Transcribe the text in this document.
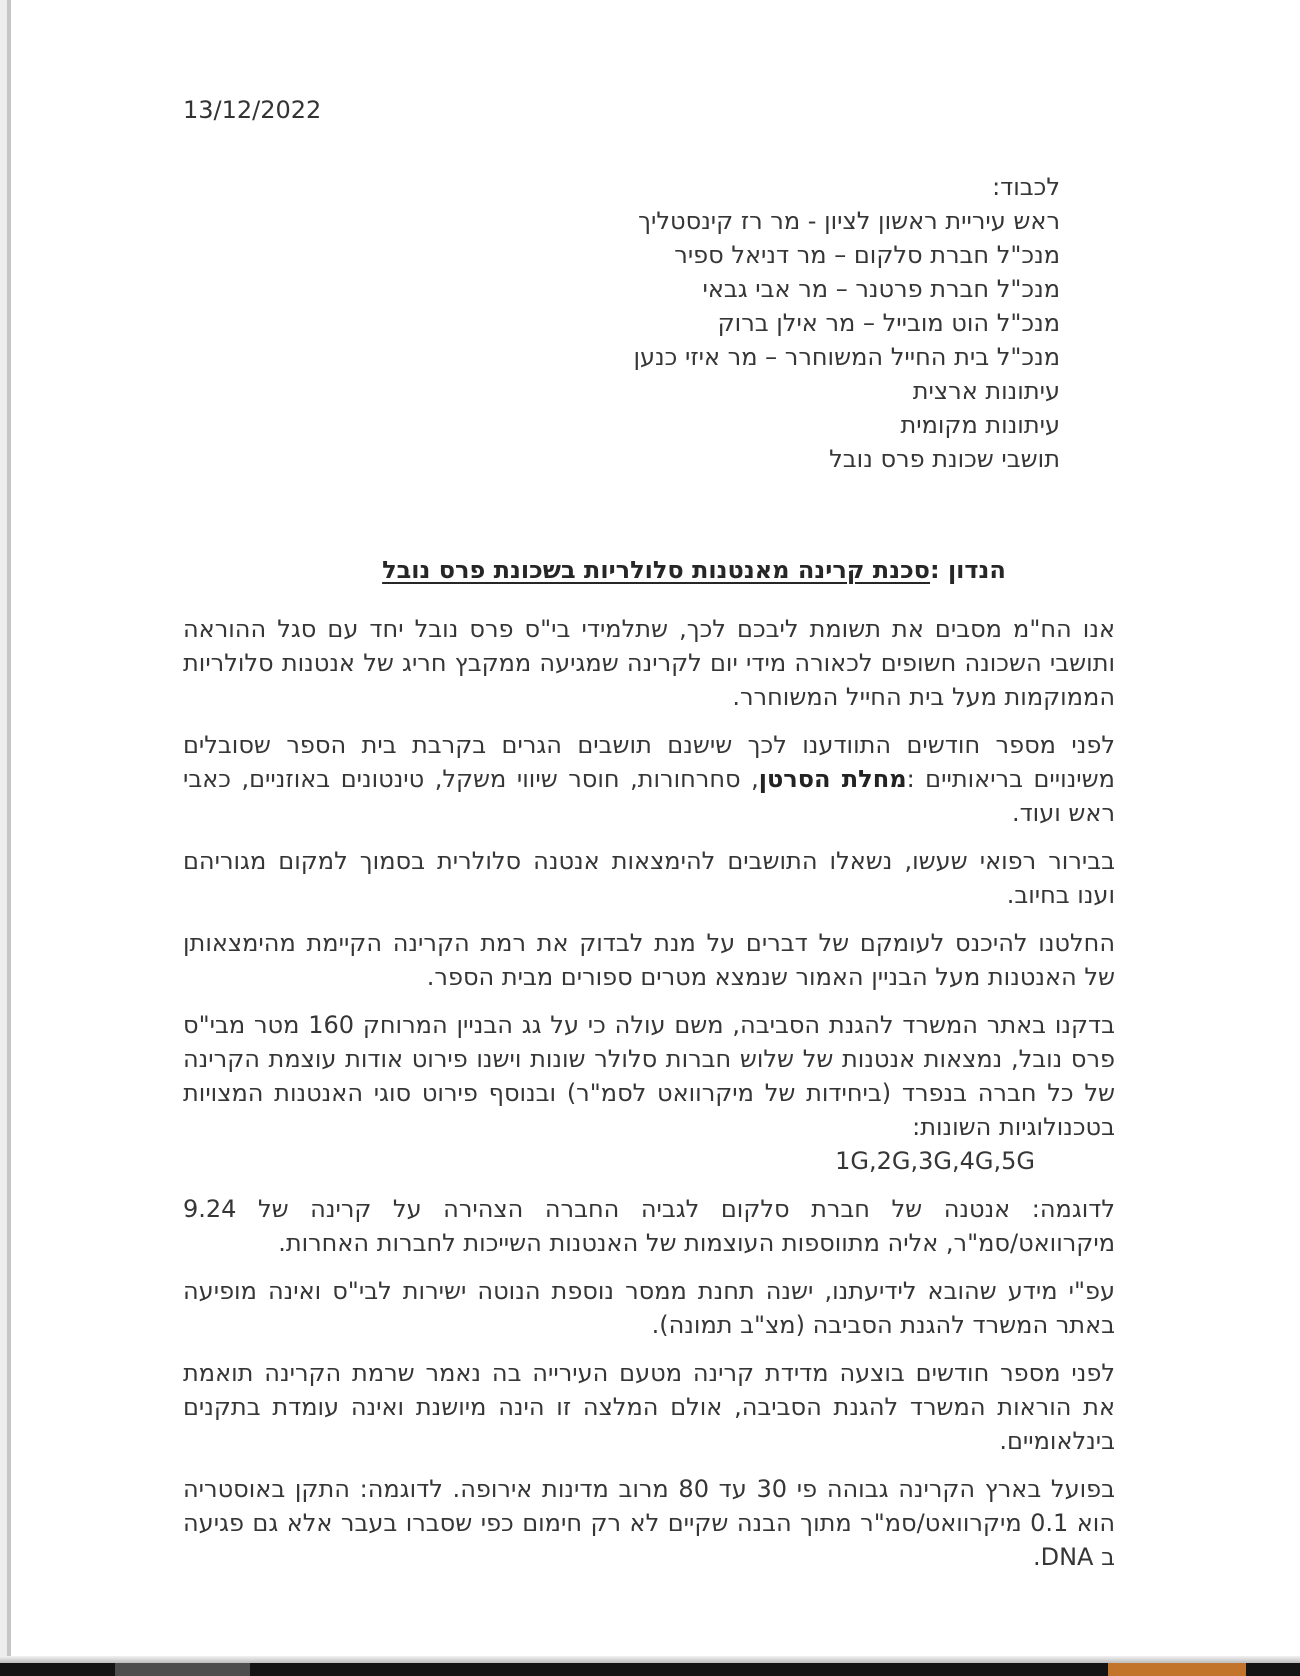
13/12/2022
לכבוד:
ראש עיריית ראשון לציון - מר רז קינסטליך
מנכ"ל חברת סלקום – מר דניאל ספיר
מנכ"ל חברת פרטנר – מר אבי גבאי
מנכ"ל הוט מובייל – מר אילן ברוק
מנכ"ל בית החייל המשוחרר – מר איזי כנען
עיתונות ארצית
עיתונות מקומית
תושבי שכונת פרס נובל
הנדון :סכנת קרינה מאנטנות סלולריות בשכונת פרס נובל

אנו הח"מ מסבים את תשומת ליבכם לכך, שתלמידי בי"ס פרס נובל יחד עם סגל ההוראה ותושבי השכונה חשופים לכאורה מידי יום לקרינה שמגיעה ממקבץ חריג של אנטנות סלולריות הממוקמות מעל בית החייל המשוחרר.

לפני מספר חודשים התוודענו לכך שישנם תושבים הגרים בקרבת בית הספר שסובלים משינויים בריאותיים :מחלת הסרטן, סחרחורות, חוסר שיווי משקל, טינטונים באוזניים, כאבי ראש ועוד.

בבירור רפואי שעשו, נשאלו התושבים להימצאות אנטנה סלולרית בסמוך למקום מגוריהם וענו בחיוב.

החלטנו להיכנס לעומקם של דברים על מנת לבדוק את רמת הקרינה הקיימת מהימצאותן של האנטנות מעל הבניין האמור שנמצא מטרים ספורים מבית הספר.

בדקנו באתר המשרד להגנת הסביבה, משם עולה כי על גג הבניין המרוחק 160 מטר מבי"ס פרס נובל, נמצאות אנטנות של שלוש חברות סלולר שונות וישנו פירוט אודות עוצמת הקרינה של כל חברה בנפרד (ביחידות של מיקרוואט לסמ"ר) ובנוסף פירוט סוגי האנטנות המצויות בטכנולוגיות השונות:

1G,2G,3G,4G,5G

לדוגמה: אנטנה של חברת סלקום לגביה החברה הצהירה על קרינה של 9.24 מיקרוואט/סמ"ר, אליה מתווספות העוצמות של האנטנות השייכות לחברות האחרות.

עפ"י מידע שהובא לידיעתנו, ישנה תחנת ממסר נוספת הנוטה ישירות לבי"ס ואינה מופיעה באתר המשרד להגנת הסביבה (מצ"ב תמונה).

לפני מספר חודשים בוצעה מדידת קרינה מטעם העירייה בה נאמר שרמת הקרינה תואמת את הוראות המשרד להגנת הסביבה, אולם המלצה זו הינה מיושנת ואינה עומדת בתקנים בינלאומיים.

בפועל בארץ הקרינה גבוהה פי 30 עד 80 מרוב מדינות אירופה. לדוגמה: התקן באוסטריה הוא 0.1 מיקרוואט/סמ"ר מתוך הבנה שקיים לא רק חימום כפי שסברו בעבר אלא גם פגיעה ב DNA.
